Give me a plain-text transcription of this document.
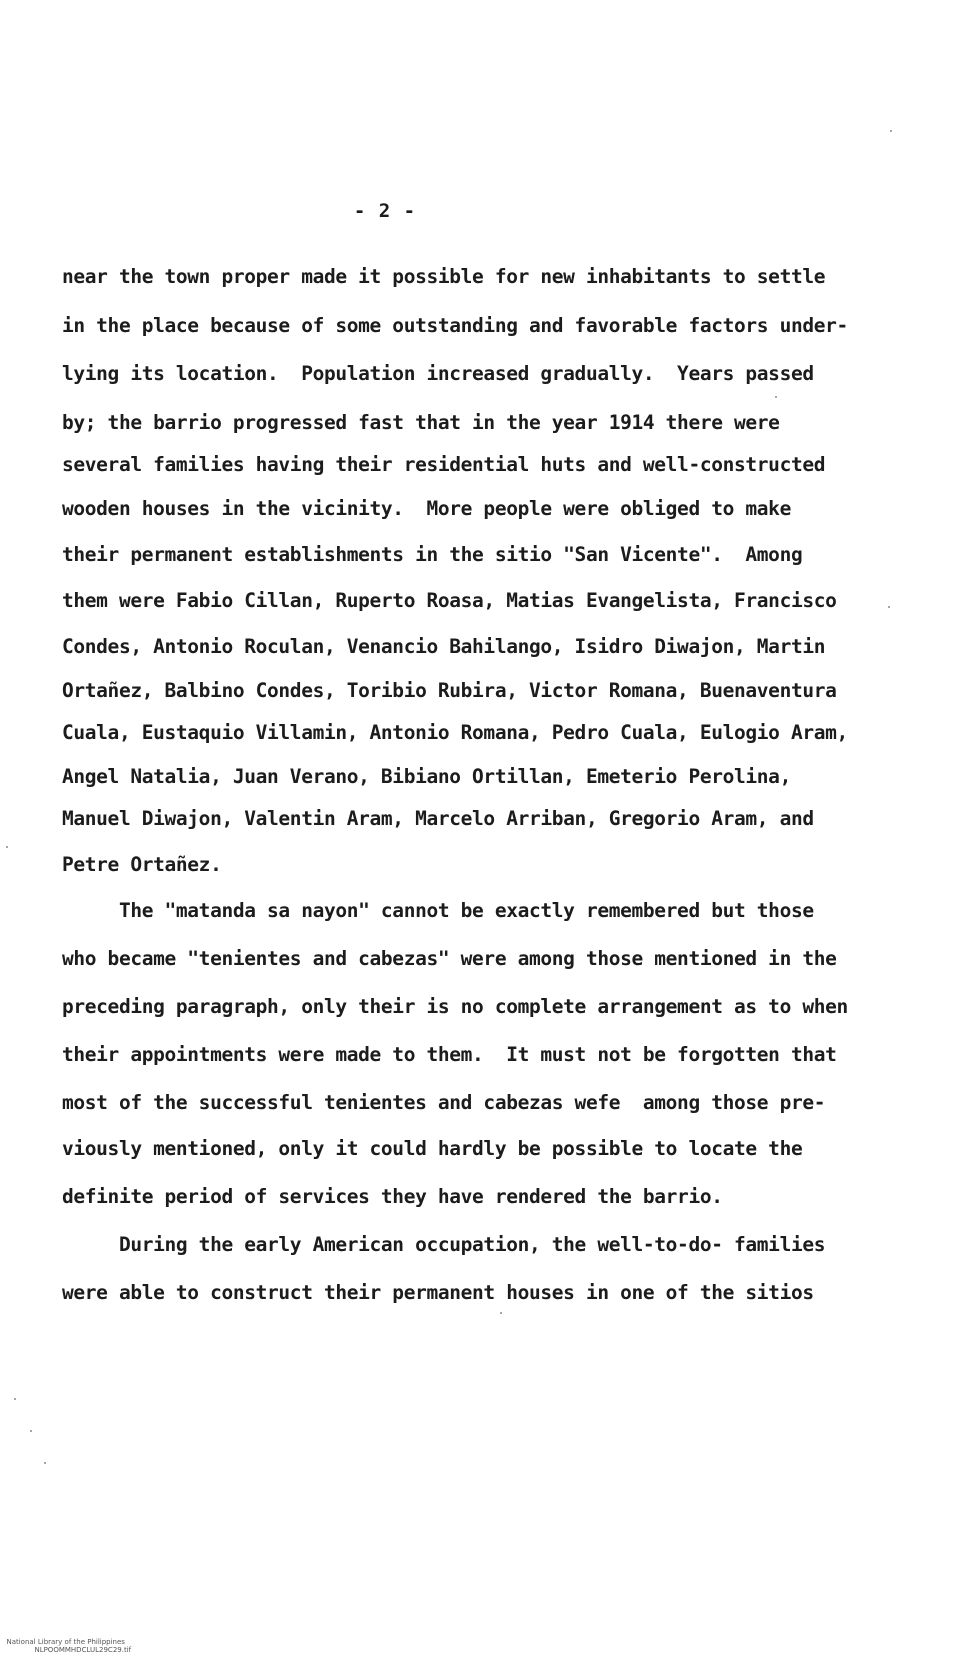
- 2 -
near the town proper made it possible for new inhabitants to settle
in the place because of some outstanding and favorable factors under-
lying its location.  Population increased gradually.  Years passed
by; the barrio progressed fast that in the year 1914 there were
several families having their residential huts and well-constructed
wooden houses in the vicinity.  More people were obliged to make
their permanent establishments in the sitio "San Vicente".  Among
them were Fabio Cillan, Ruperto Roasa, Matias Evangelista, Francisco
Condes, Antonio Roculan, Venancio Bahilango, Isidro Diwajon, Martin
Ortañez, Balbino Condes, Toribio Rubira, Victor Romana, Buenaventura
Cuala, Eustaquio Villamin, Antonio Romana, Pedro Cuala, Eulogio Aram,
Angel Natalia, Juan Verano, Bibiano Ortillan, Emeterio Perolina,
Manuel Diwajon, Valentin Aram, Marcelo Arriban, Gregorio Aram, and
Petre Ortañez.
The "matanda sa nayon" cannot be exactly remembered but those
who became "tenientes and cabezas" were among those mentioned in the
preceding paragraph, only their is no complete arrangement as to when
their appointments were made to them.  It must not be forgotten that
most of the successful tenientes and cabezas wefe  among those pre-
viously mentioned, only it could hardly be possible to locate the
definite period of services they have rendered the barrio.
During the early American occupation, the well-to-do- families
were able to construct their permanent houses in one of the sitios

National Library of the Philippines
NLPOOMMHDCLUL29C29.tif
